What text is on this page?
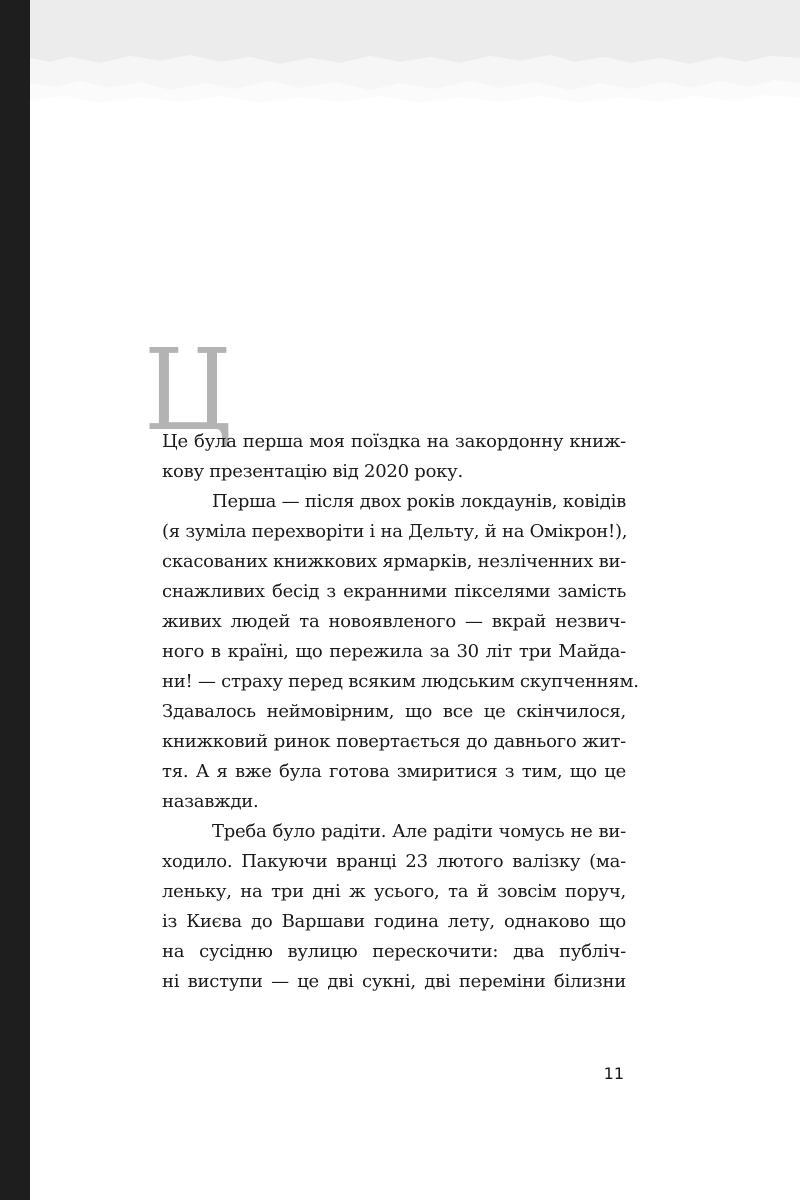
Ц
Це була перша моя поїздка на закордонну книж-
кову презентацію від 2020 року.
Перша — після двох років локдаунів, ковідів
(я зуміла перехворіти і на Дельту, й на Омікрон!),
скасованих книжкових ярмарків, незліченних ви-
снажливих бесід з екранними пікселями замість
живих людей та новоявленого — вкрай незвич-
ного в країні, що пережила за 30 літ три Майда-
ни! — страху перед всяким людським скупченням.
Здавалось неймовірним, що все це скінчилося,
книжковий ринок повертається до давнього жит-
тя. А я вже була готова змиритися з тим, що це
назавжди.
Треба було радіти. Але радіти чомусь не ви-
ходило. Пакуючи вранці 23 лютого валізку (ма-
леньку, на три дні ж усього, та й зовсім поруч,
із Києва до Варшави година лету, однаково що
на сусідню вулицю перескочити: два публіч-
ні виступи — це дві сукні, дві переміни білизни
11
